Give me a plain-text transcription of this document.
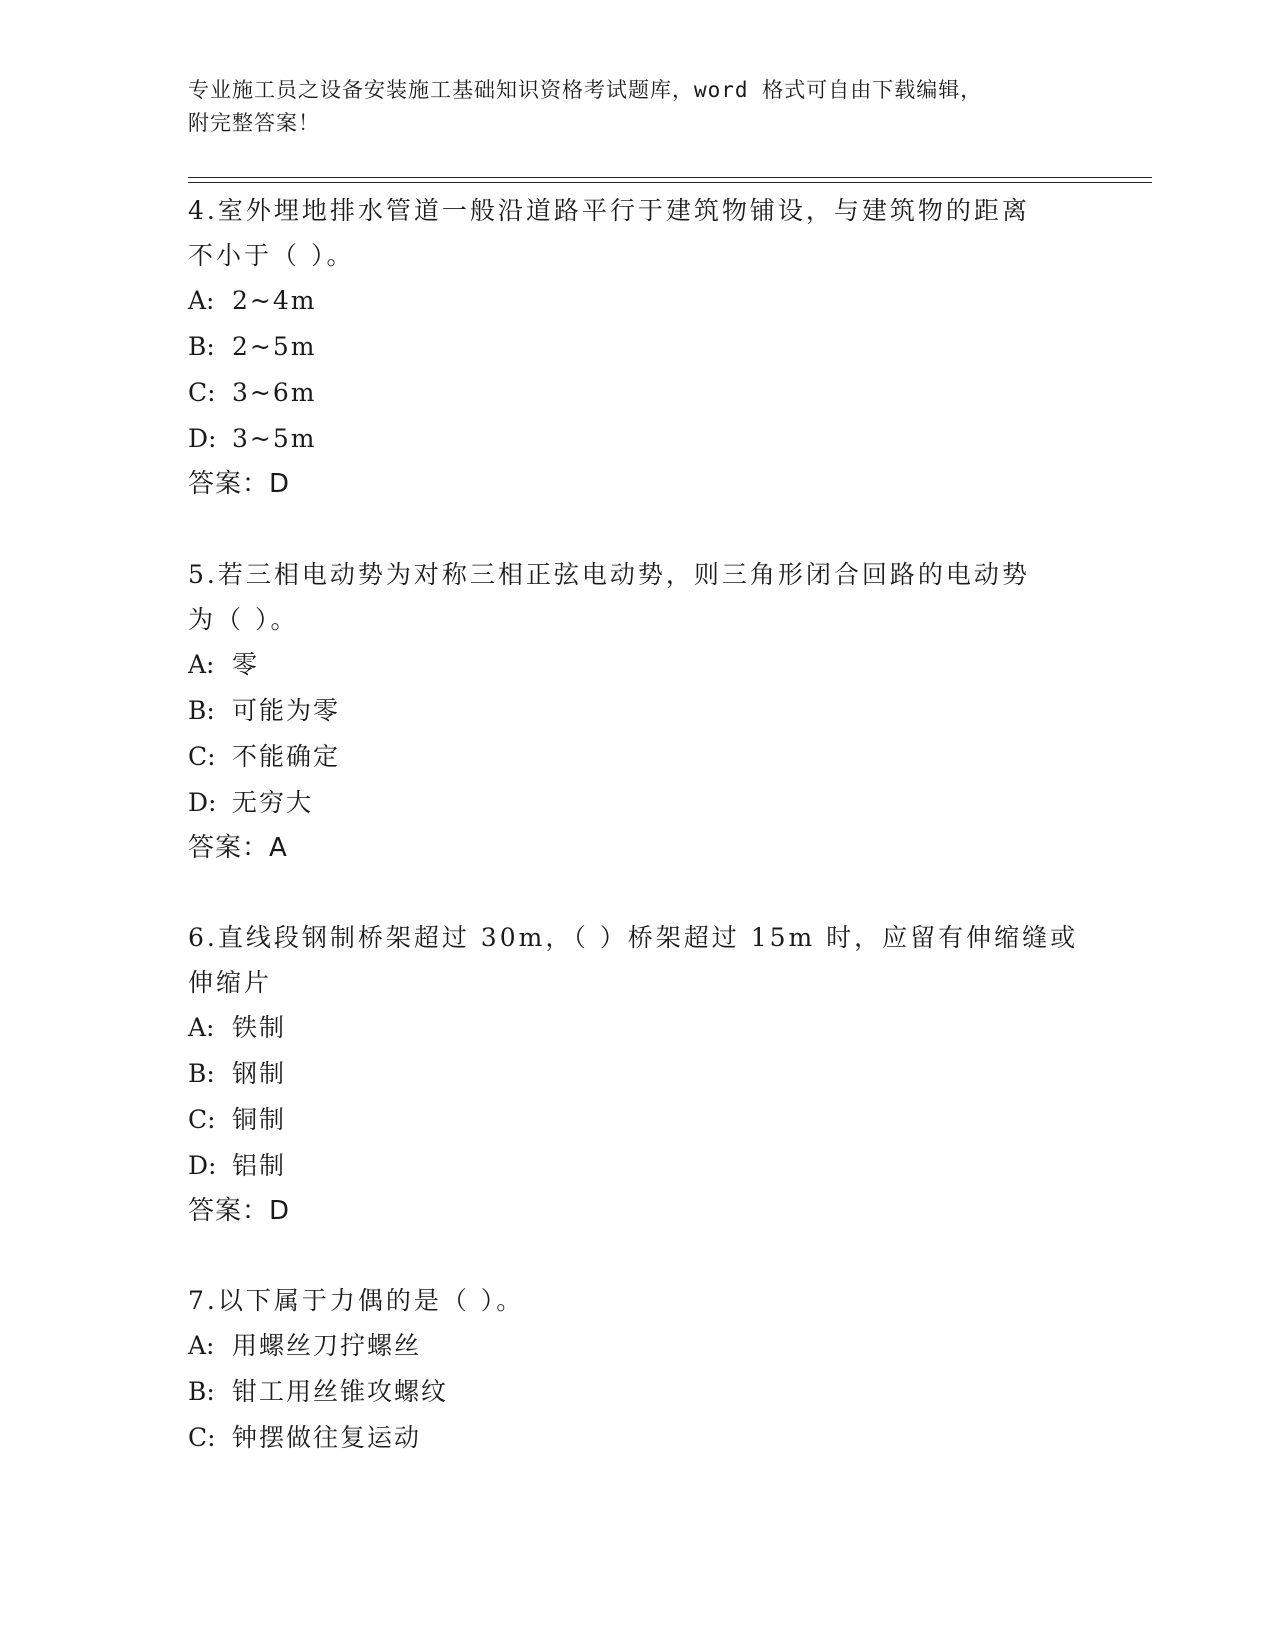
专业施工员之设备安装施工基础知识资格考试题库，word 格式可自由下载编辑，
附完整答案！
4.室外埋地排水管道一般沿道路平行于建筑物铺设，与建筑物的距离
不小于（ ）。
A: 2~4m
B: 2~5m
C: 3~6m
D: 3~5m
答案：D
5.若三相电动势为对称三相正弦电动势，则三角形闭合回路的电动势
为（ ）。
A: 零
B: 可能为零
C: 不能确定
D: 无穷大
答案：A
6.直线段钢制桥架超过 30m，（ ）桥架超过 15m 时，应留有伸缩缝或
伸缩片
A: 铁制
B: 钢制
C: 铜制
D: 铝制
答案：D
7.以下属于力偶的是（ ）。
A: 用螺丝刀拧螺丝
B: 钳工用丝锥攻螺纹
C: 钟摆做往复运动
